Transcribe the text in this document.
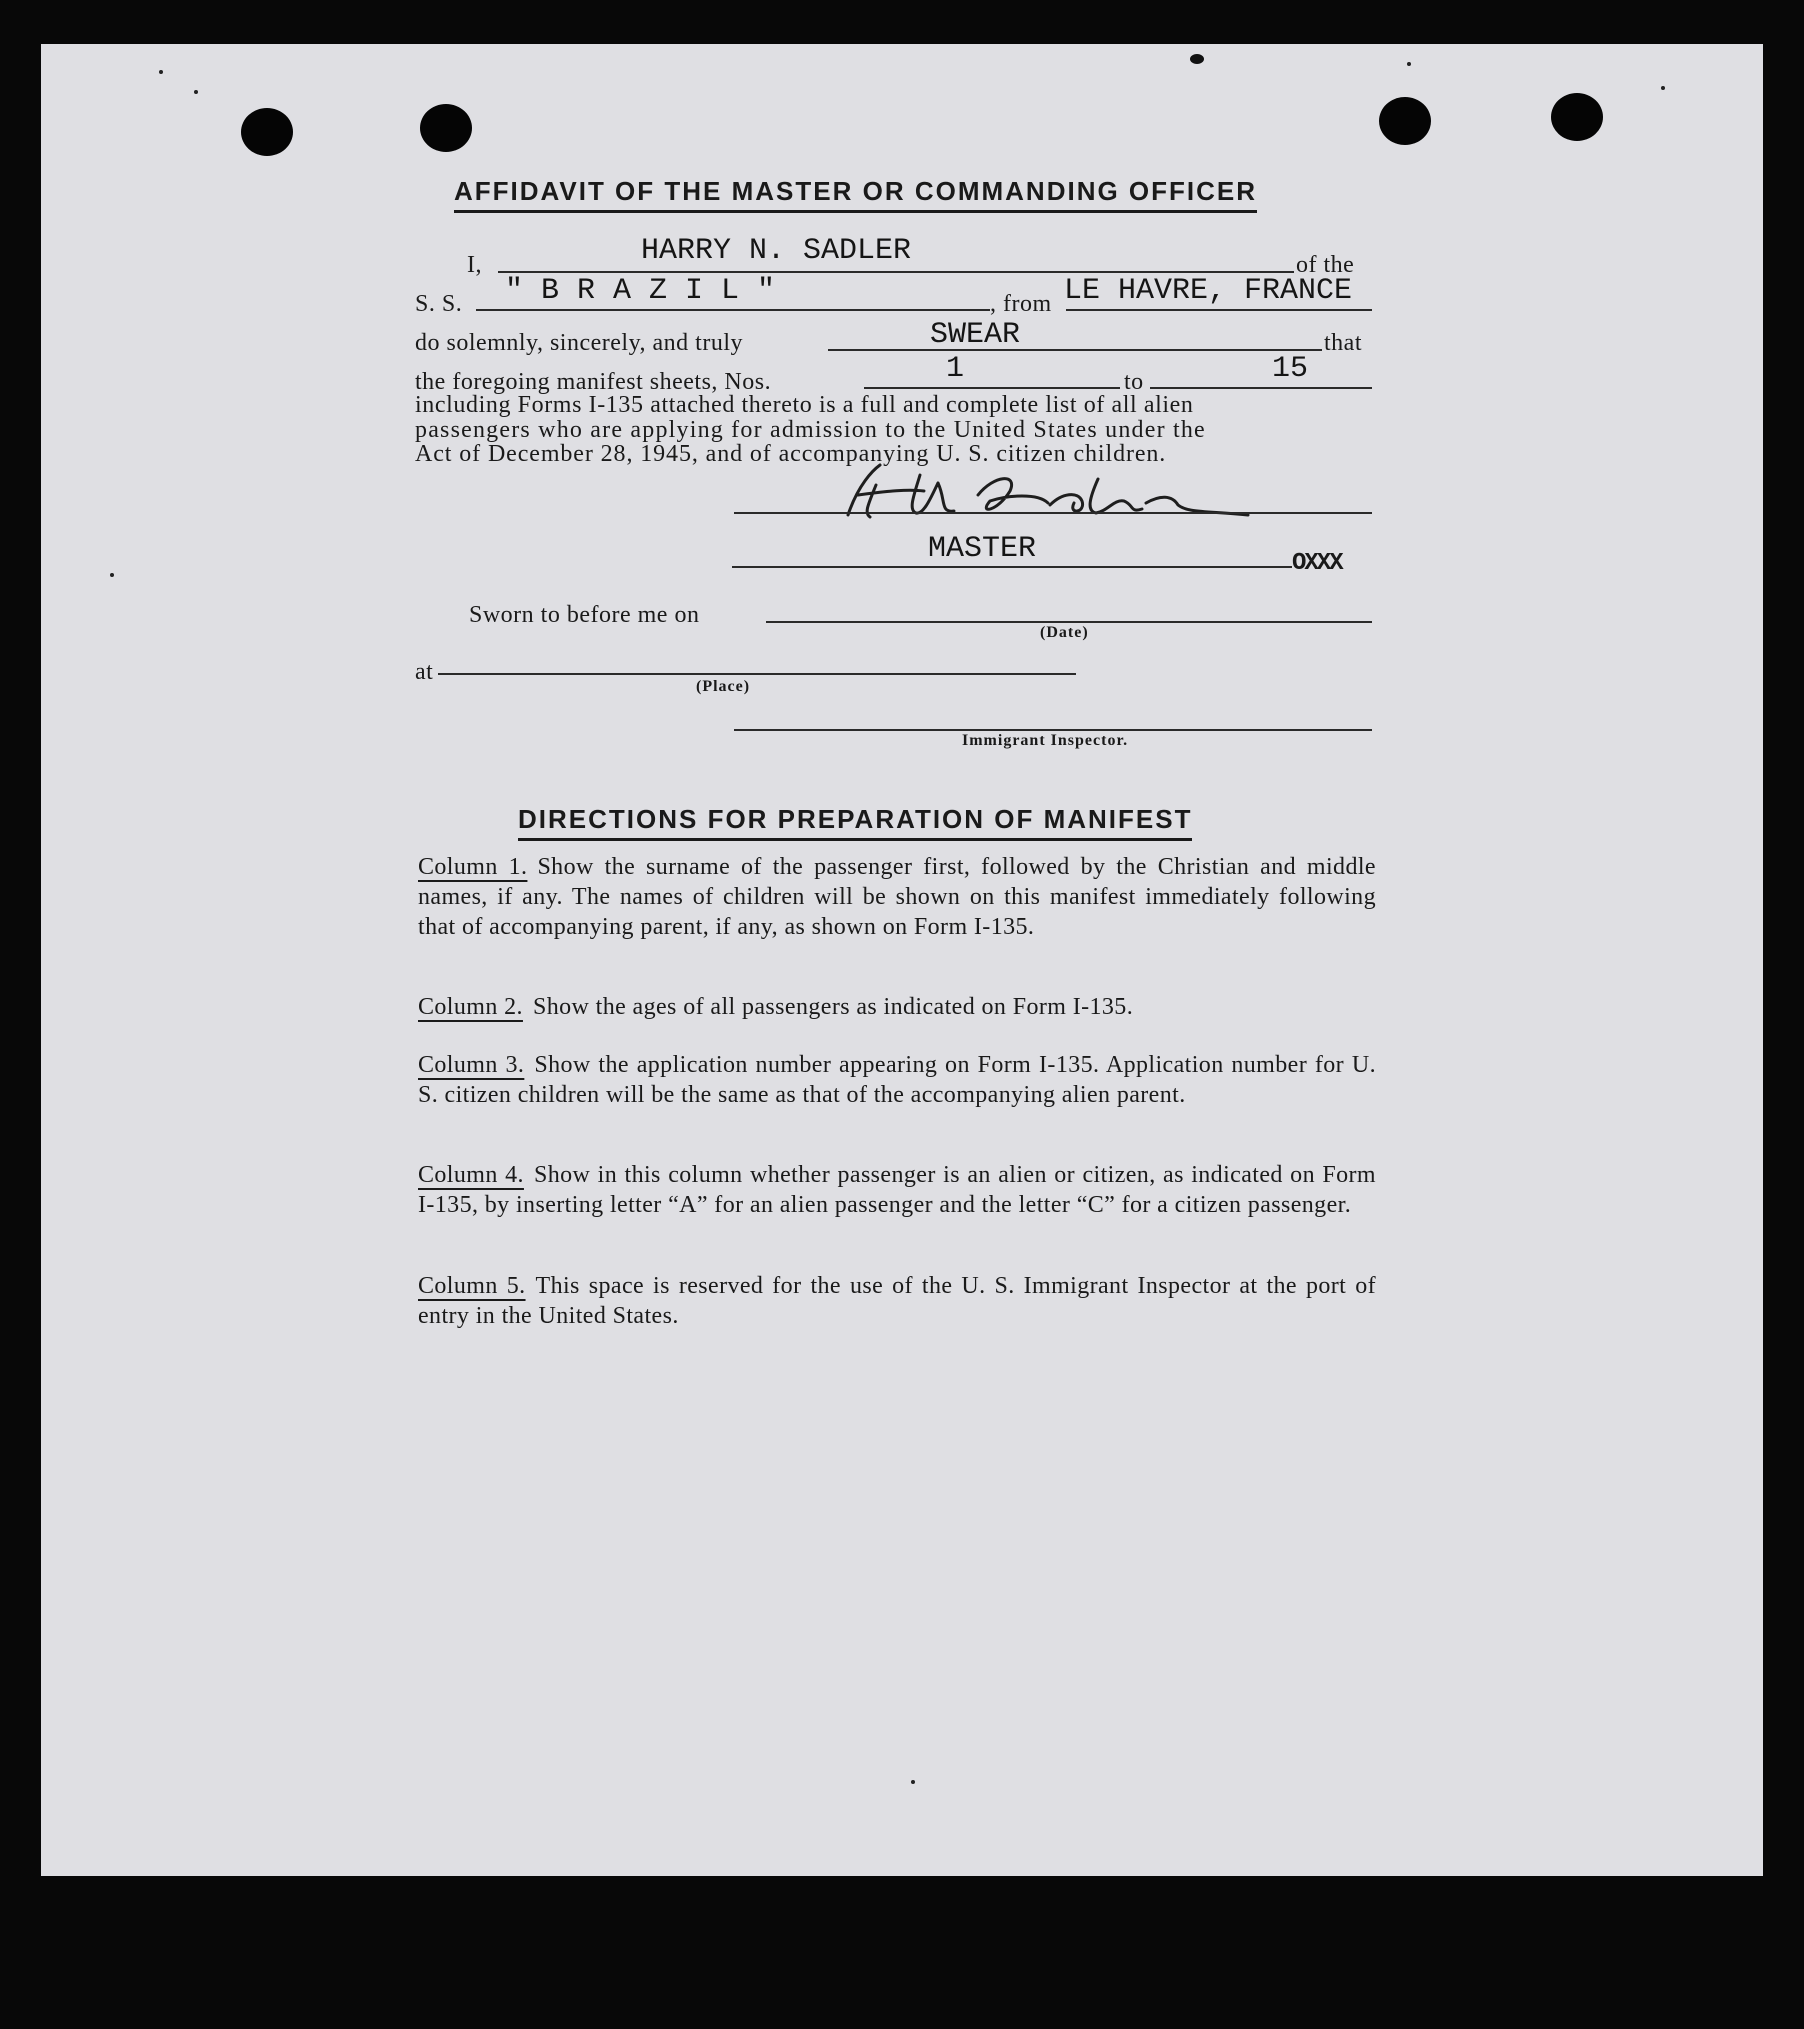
AFFIDAVIT OF THE MASTER OR COMMANDING OFFICER
I,	HARRY N. SADLER	of the
S. S. " B R A Z I L "	, from LE HAVRE, FRANCE
do solemnly, sincerely, and truly	SWEAR	that
the foregoing manifest sheets, Nos.	1	to	15
including Forms I-135 attached thereto is a full and complete list of all alien
passengers who are applying for admission to the United States under the
Act of December 28, 1945, and of accompanying U. S. citizen children.
MASTER	OXXX
Sworn to before me on
(Date)
at
(Place)
Immigrant Inspector.
DIRECTIONS FOR PREPARATION OF MANIFEST
Column 1. Show the surname of the passenger first, followed by the Christian and middle names, if any. The names of children will be shown on this manifest immediately following that of accompanying parent, if any, as shown on Form I-135.
Column 2. Show the ages of all passengers as indicated on Form I-135.
Column 3. Show the application number appearing on Form I-135. Application number for U. S. citizen children will be the same as that of the accompanying alien parent.
Column 4. Show in this column whether passenger is an alien or citizen, as indicated on Form I-135, by inserting letter “A” for an alien passenger and the letter “C” for a citizen passenger.
Column 5. This space is reserved for the use of the U. S. Immigrant Inspector at the port of entry in the United States.
